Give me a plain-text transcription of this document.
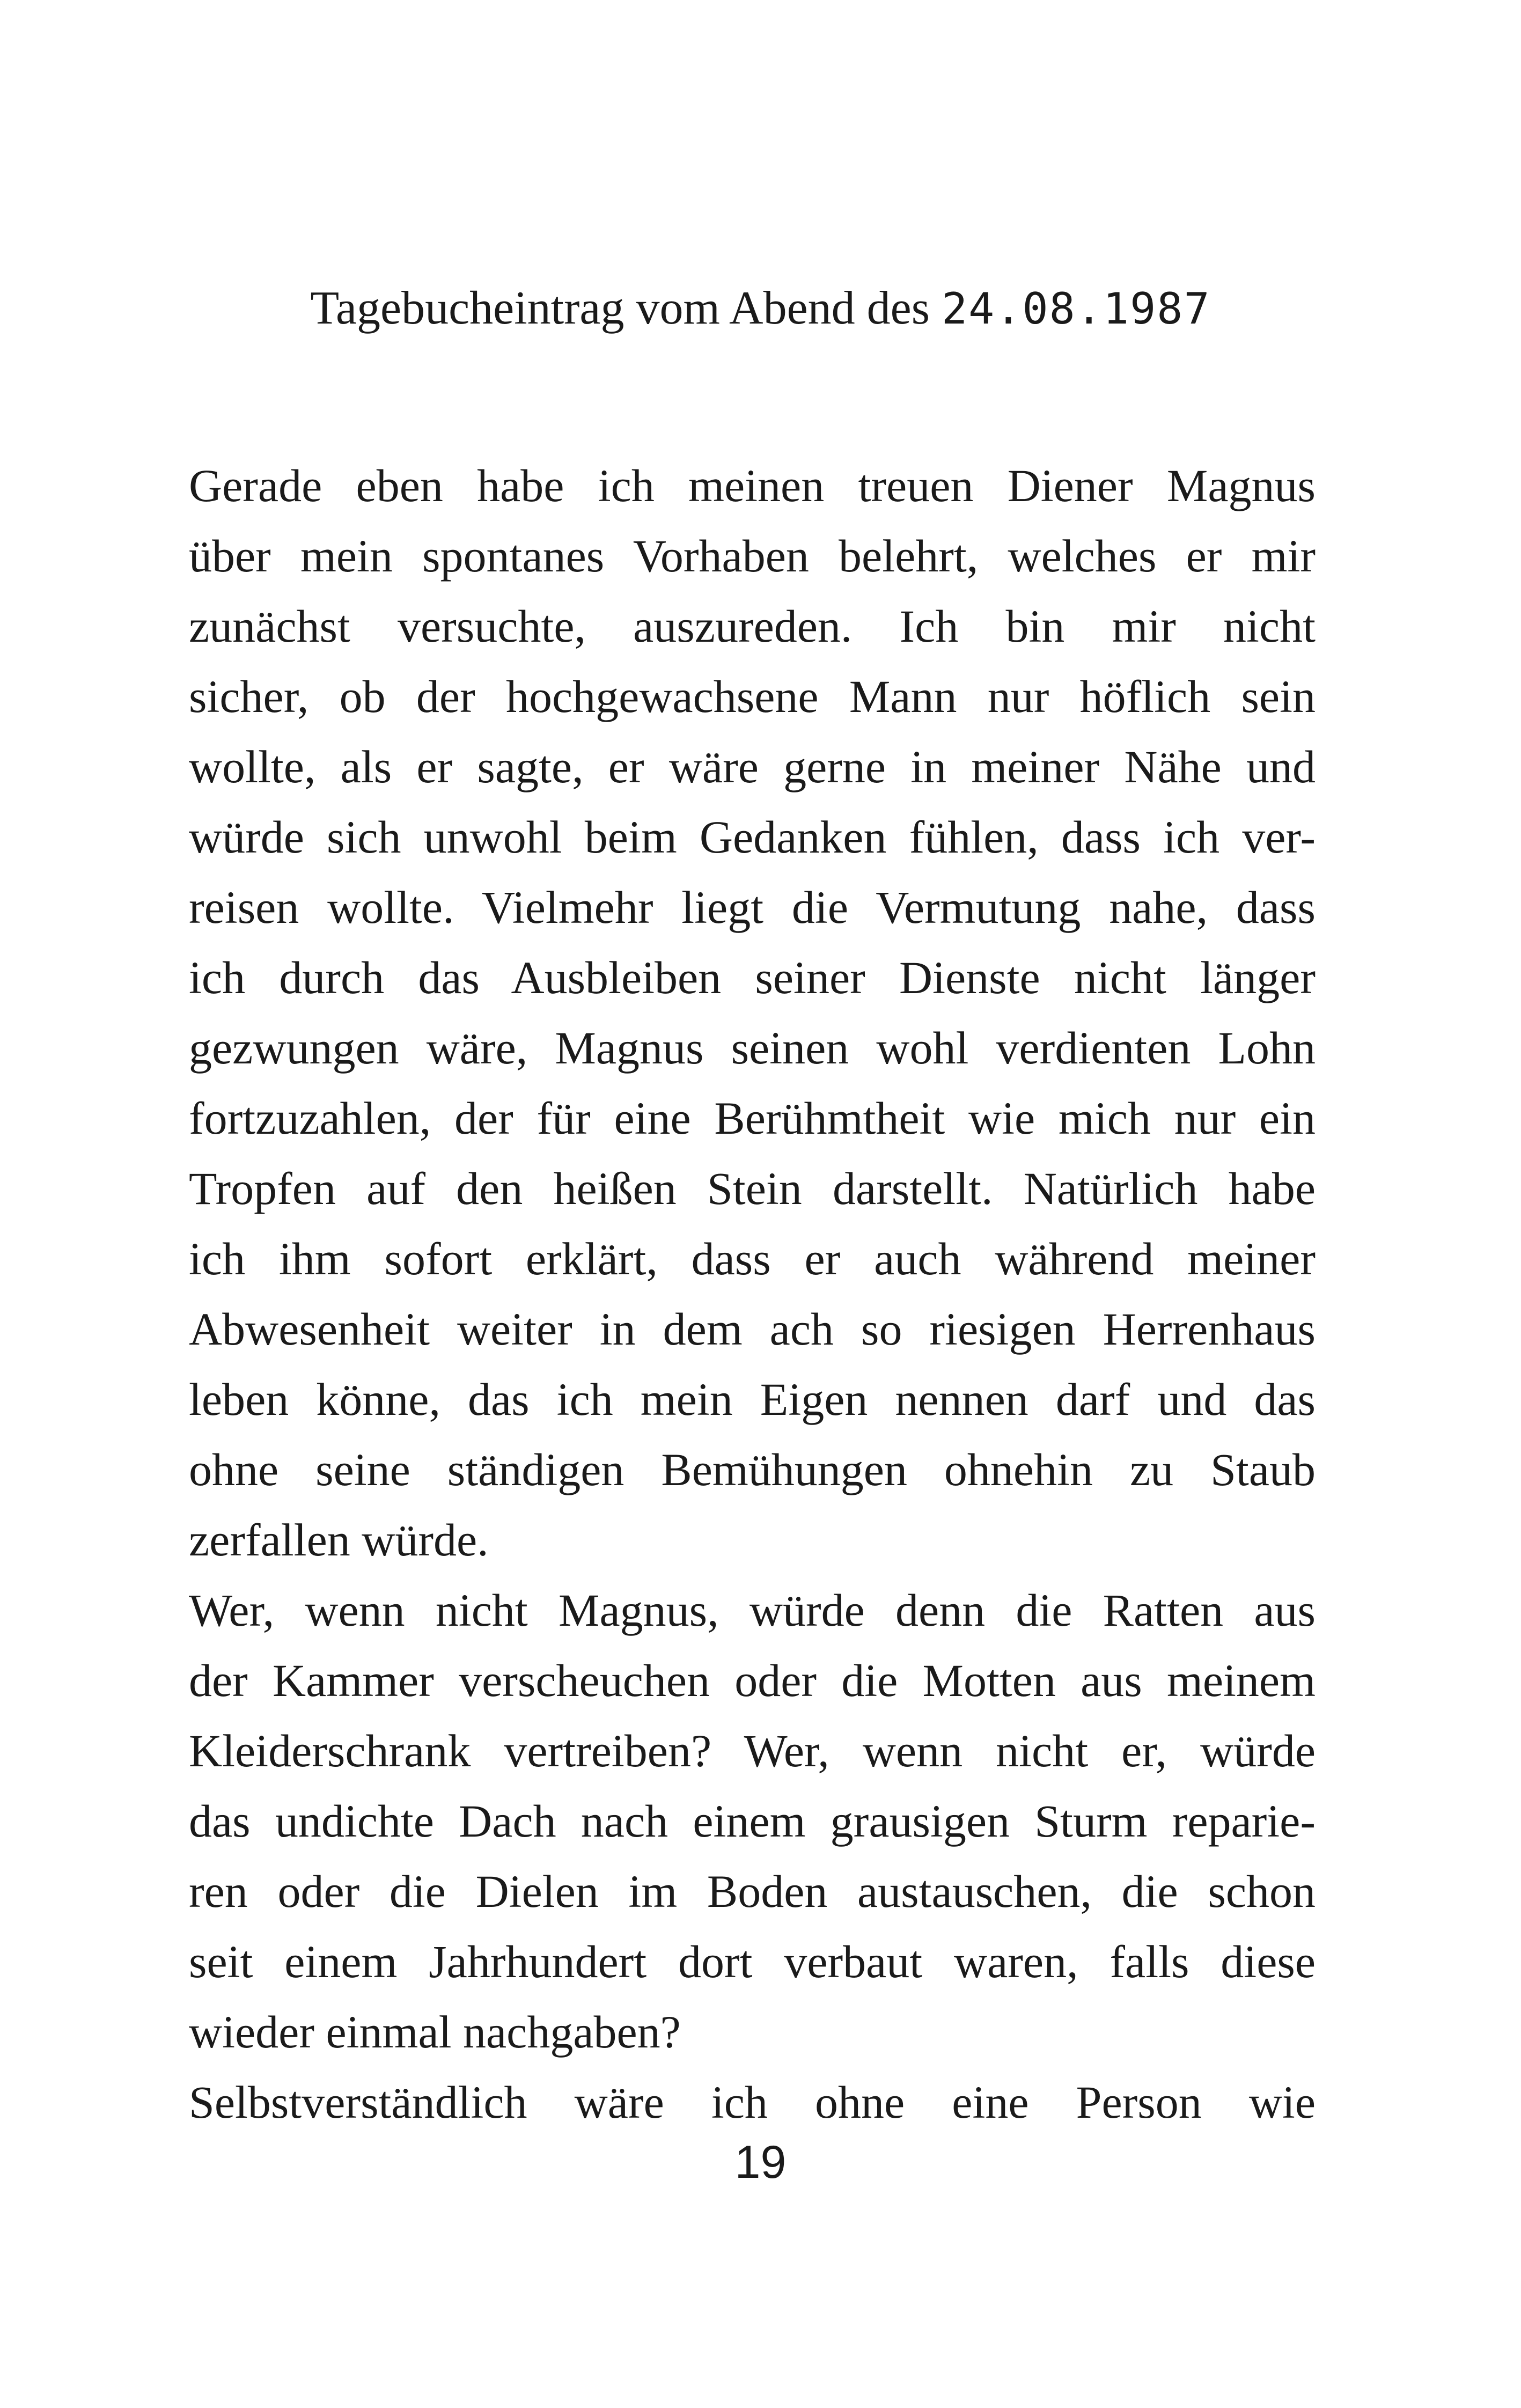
Tagebucheintrag vom Abend des 24.08.1987
Gerade eben habe ich meinen treuen Diener Magnus
über mein spontanes Vorhaben belehrt, welches er mir
zunächst versuchte, auszureden. Ich bin mir nicht
sicher, ob der hochgewachsene Mann nur höflich sein
wollte, als er sagte, er wäre gerne in meiner Nähe und
würde sich unwohl beim Gedanken fühlen, dass ich ver-
reisen wollte. Vielmehr liegt die Vermutung nahe, dass
ich durch das Ausbleiben seiner Dienste nicht länger
gezwungen wäre, Magnus seinen wohl verdienten Lohn
fortzuzahlen, der für eine Berühmtheit wie mich nur ein
Tropfen auf den heißen Stein darstellt. Natürlich habe
ich ihm sofort erklärt, dass er auch während meiner
Abwesenheit weiter in dem ach so riesigen Herrenhaus
leben könne, das ich mein Eigen nennen darf und das
ohne seine ständigen Bemühungen ohnehin zu Staub
zerfallen würde.
Wer, wenn nicht Magnus, würde denn die Ratten aus
der Kammer verscheuchen oder die Motten aus meinem
Kleiderschrank vertreiben? Wer, wenn nicht er, würde
das undichte Dach nach einem grausigen Sturm reparie-
ren oder die Dielen im Boden austauschen, die schon
seit einem Jahrhundert dort verbaut waren, falls diese
wieder einmal nachgaben?
Selbstverständlich wäre ich ohne eine Person wie
19
